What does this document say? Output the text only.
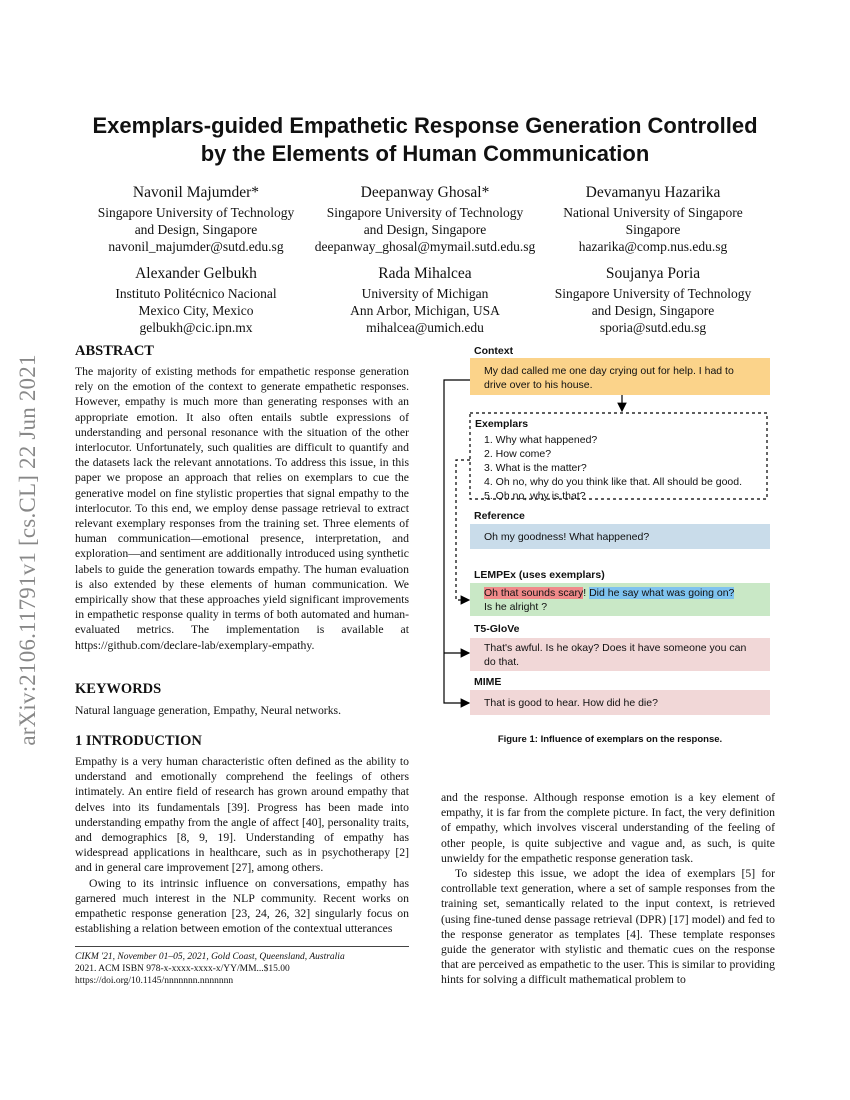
arXiv:2106.11791v1 [cs.CL] 22 Jun 2021
Exemplars-guided Empathetic Response Generation Controlled
by the Elements of Human Communication
Navonil Majumder*
Singapore University of Technology
and Design, Singapore
navonil_majumder@sutd.edu.sg
Deepanway Ghosal*
Singapore University of Technology
and Design, Singapore
deepanway_ghosal@mymail.sutd.edu.sg
Devamanyu Hazarika
National University of Singapore
Singapore
hazarika@comp.nus.edu.sg
Alexander Gelbukh
Instituto Politécnico Nacional
Mexico City, Mexico
gelbukh@cic.ipn.mx
Rada Mihalcea
University of Michigan
Ann Arbor, Michigan, USA
mihalcea@umich.edu
Soujanya Poria
Singapore University of Technology
and Design, Singapore
sporia@sutd.edu.sg
ABSTRACT

The majority of existing methods for empathetic response generation rely on the emotion of the context to generate empathetic responses. However, empathy is much more than generating responses with an appropriate emotion. It also often entails subtle expressions of understanding and personal resonance with the situation of the other interlocutor. Unfortunately, such qualities are difficult to quantify and the datasets lack the relevant annotations. To address this issue, in this paper we propose an approach that relies on exemplars to cue the generative model on fine stylistic properties that signal empathy to the interlocutor. To this end, we employ dense passage retrieval to extract relevant exemplary responses from the training set. Three elements of human communication—emotional presence, interpretation, and exploration—and sentiment are additionally introduced using synthetic labels to guide the generation towards empathy. The human evaluation is also extended by these elements of human communication. We empirically show that these approaches yield significant improvements in empathetic response quality in terms of both automated and human-evaluated metrics. The implementation is available at https://github.com/declare-lab/exemplary-empathy.

KEYWORDS
Natural language generation, Empathy, Neural networks.
1 INTRODUCTION

Empathy is a very human characteristic often defined as the ability to understand and emotionally comprehend the feelings of others intimately. An entire field of research has grown around empathy that delves into its fundamentals [39]. Progress has been made into understanding empathy from the angle of affect [40], personality traits, and demographics [8, 9, 19]. Understanding of empathy has widespread applications in healthcare, such as in psychotherapy [2] and in general care improvement [27], among others.

Owing to its intrinsic influence on conversations, empathy has garnered much interest in the NLP community. Recent works on empathetic response generation [23, 24, 26, 32] singularly focus on establishing a relation between emotion of the contextual utterances

CIKM '21, November 01–05, 2021, Gold Coast, Queensland, Australia
2021. ACM ISBN 978-x-xxxx-xxxx-x/YY/MM...$15.00
https://doi.org/10.1145/nnnnnnn.nnnnnnn
Context
My dad called me one day crying out for help. I had to drive over to his house.
Exemplars
1. Why what happened?
2. How come?
3. What is the matter?
4. Oh no, why do you think like that. All should be good.
5. Oh no, why is that?
Reference
Oh my goodness! What happened?
LEMPEx (uses exemplars)
Oh that sounds scary! Did he say what was going on?
Is he alright ?
T5-GloVe
That's awful. Is he okay? Does it have someone you can do that.
MIME
That is good to hear. How did he die?
Figure 1: Influence of exemplars on the response.

and the response. Although response emotion is a key element of empathy, it is far from the complete picture. In fact, the very definition of empathy, which involves visceral understanding of the feeling of other people, is quite subjective and vague and, as such, is quite unwieldy for the empathetic response generation task.

To sidestep this issue, we adopt the idea of exemplars [5] for controllable text generation, where a set of sample responses from the training set, semantically related to the input context, is retrieved (using fine-tuned dense passage retrieval (DPR) [17] model) and fed to the response generator as templates [4]. These template responses guide the generator with stylistic and thematic cues on the response that are perceived as empathetic to the user. This is similar to providing hints for solving a difficult mathematical problem to
